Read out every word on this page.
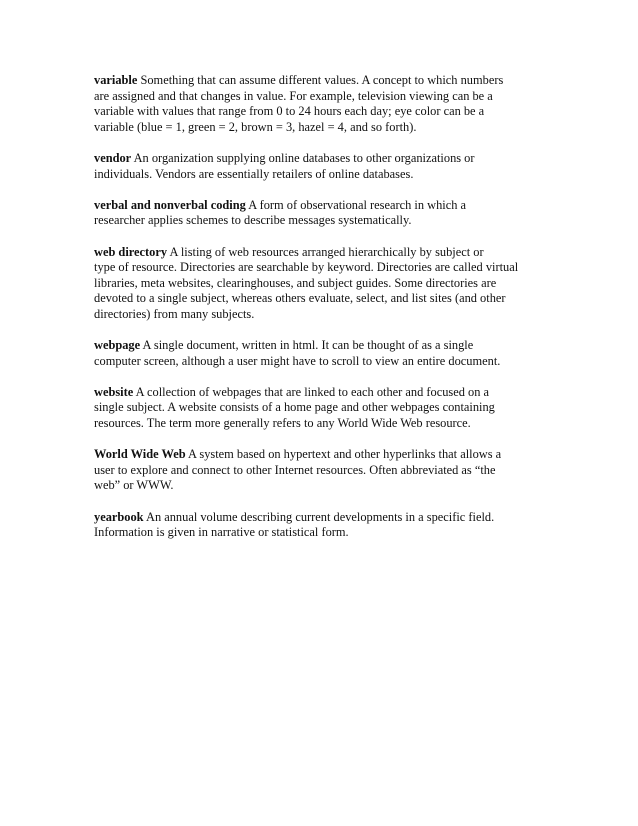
variable Something that can assume different values. A concept to which numbers
are assigned and that changes in value. For example, television viewing can be a
variable with values that range from 0 to 24 hours each day; eye color can be a
variable (blue = 1, green = 2, brown = 3, hazel = 4, and so forth).

vendor An organization supplying online databases to other organizations or
individuals. Vendors are essentially retailers of online databases.

verbal and nonverbal coding A form of observational research in which a
researcher applies schemes to describe messages systematically.

web directory A listing of web resources arranged hierarchically by subject or
type of resource. Directories are searchable by keyword. Directories are called virtual
libraries, meta websites, clearinghouses, and subject guides. Some directories are
devoted to a single subject, whereas others evaluate, select, and list sites (and other
directories) from many subjects.

webpage A single document, written in html. It can be thought of as a single
computer screen, although a user might have to scroll to view an entire document.

website A collection of webpages that are linked to each other and focused on a
single subject. A website consists of a home page and other webpages containing
resources. The term more generally refers to any World Wide Web resource.

World Wide Web A system based on hypertext and other hyperlinks that allows a
user to explore and connect to other Internet resources. Often abbreviated as “the
web” or WWW.

yearbook An annual volume describing current developments in a specific field.
Information is given in narrative or statistical form.
